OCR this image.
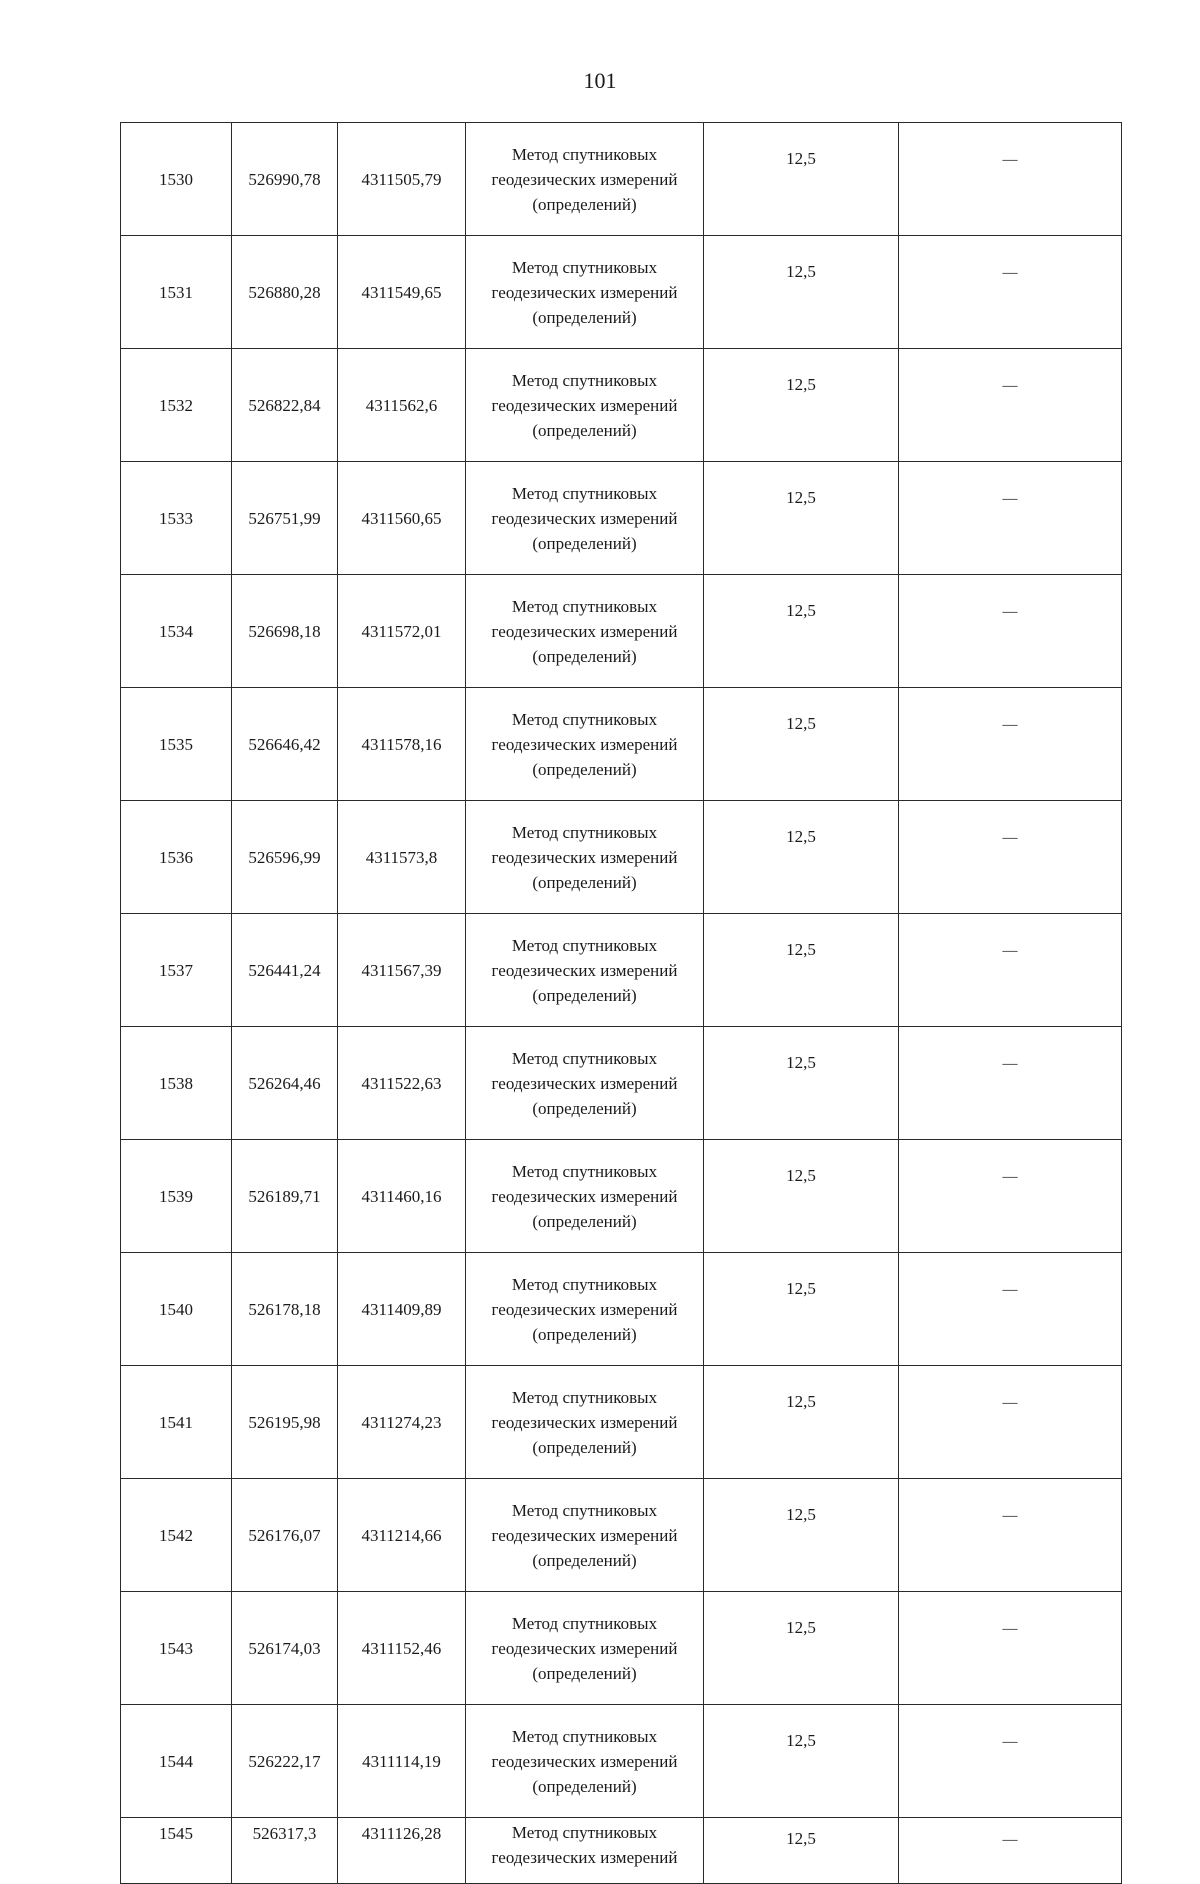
101
1530	526990,78	4311505,79	Метод спутниковых
геодезических измерений
(определений)	12,5	—
1531	526880,28	4311549,65	Метод спутниковых
геодезических измерений
(определений)	12,5	—
1532	526822,84	4311562,6	Метод спутниковых
геодезических измерений
(определений)	12,5	—
1533	526751,99	4311560,65	Метод спутниковых
геодезических измерений
(определений)	12,5	—
1534	526698,18	4311572,01	Метод спутниковых
геодезических измерений
(определений)	12,5	—
1535	526646,42	4311578,16	Метод спутниковых
геодезических измерений
(определений)	12,5	—
1536	526596,99	4311573,8	Метод спутниковых
геодезических измерений
(определений)	12,5	—
1537	526441,24	4311567,39	Метод спутниковых
геодезических измерений
(определений)	12,5	—
1538	526264,46	4311522,63	Метод спутниковых
геодезических измерений
(определений)	12,5	—
1539	526189,71	4311460,16	Метод спутниковых
геодезических измерений
(определений)	12,5	—
1540	526178,18	4311409,89	Метод спутниковых
геодезических измерений
(определений)	12,5	—
1541	526195,98	4311274,23	Метод спутниковых
геодезических измерений
(определений)	12,5	—
1542	526176,07	4311214,66	Метод спутниковых
геодезических измерений
(определений)	12,5	—
1543	526174,03	4311152,46	Метод спутниковых
геодезических измерений
(определений)	12,5	—
1544	526222,17	4311114,19	Метод спутниковых
геодезических измерений
(определений)	12,5	—
1545	526317,3	4311126,28	Метод спутниковых
геодезических измерений	12,5	—
